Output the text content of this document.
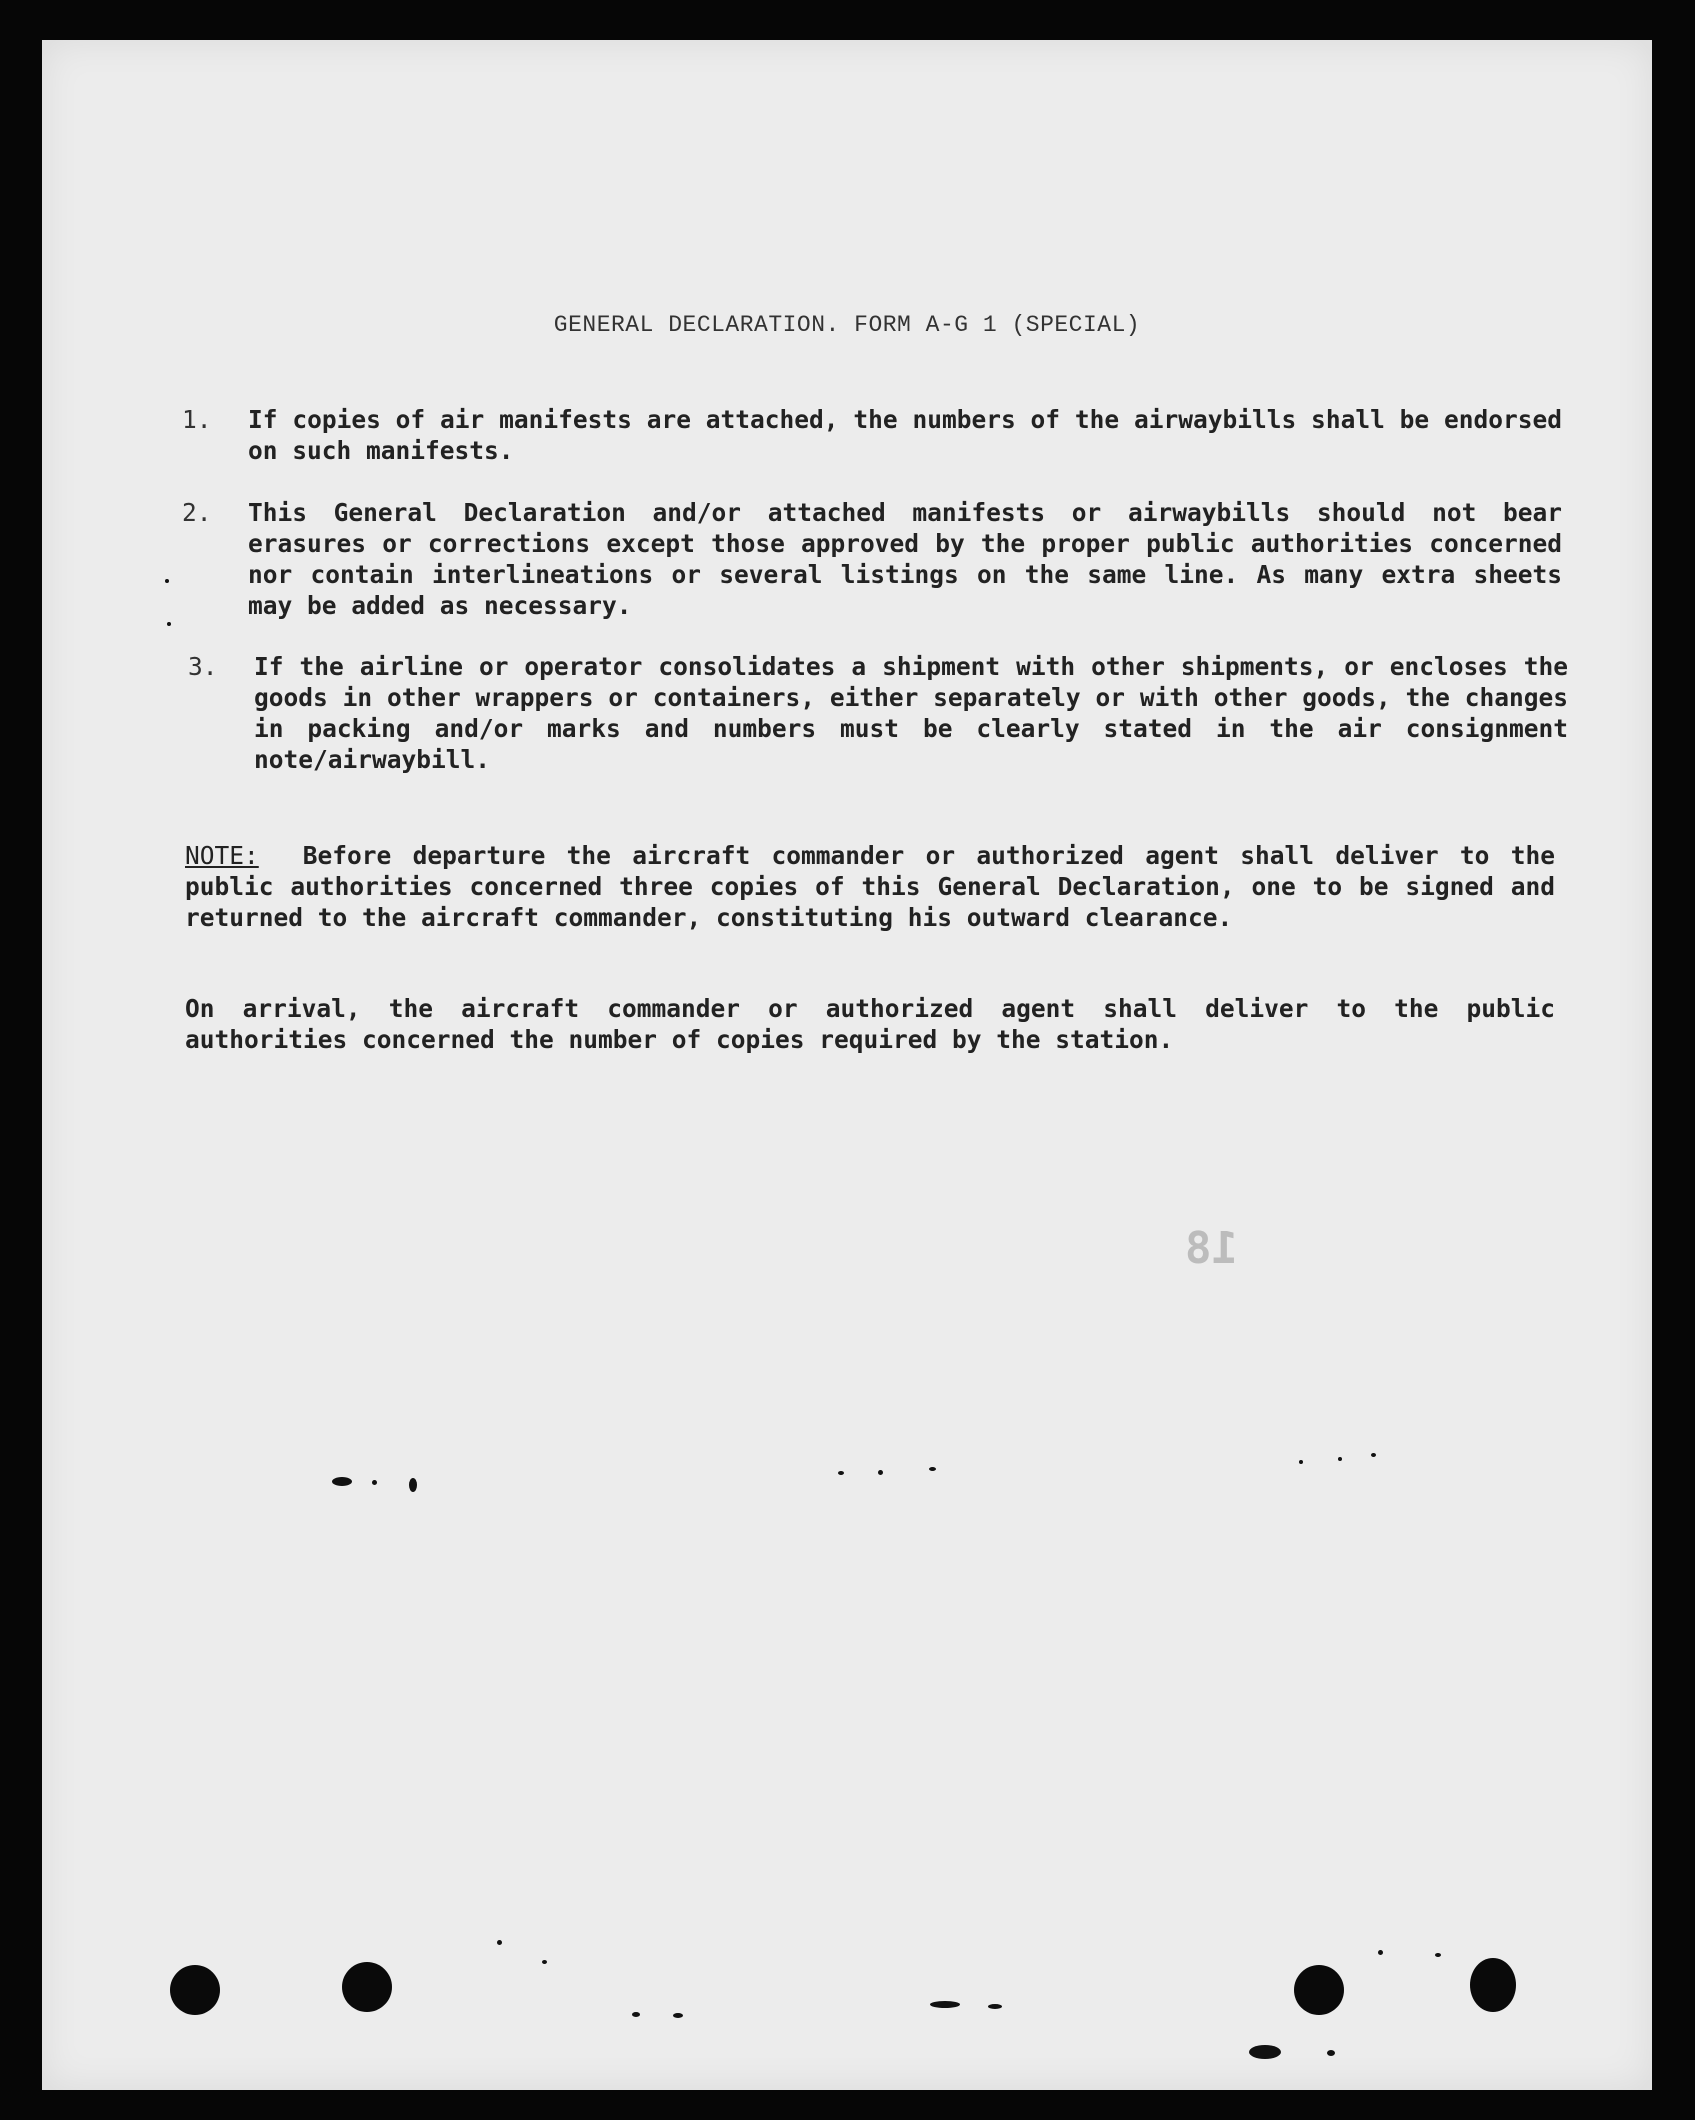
GENERAL DECLARATION. FORM A-G 1 (SPECIAL)
1.	If copies of air manifests are attached, the numbers of the airwaybills shall be endorsed on such manifests.
2.	This General Declaration and/or attached manifests or airwaybills should not bear erasures or corrections except those approved by the proper public authorities concerned nor contain interlineations or several listings on the same line. As many extra sheets may be added as necessary.
3.	If the airline or operator consolidates a shipment with other shipments, or encloses the goods in other wrappers or containers, either separately or with other goods, the changes in packing and/or marks and numbers must be clearly stated in the air consignment note/airwaybill.
NOTE: Before departure the aircraft commander or authorized agent shall deliver to the public authorities concerned three copies of this General Declaration, one to be signed and returned to the aircraft commander, constituting his outward clearance.
On arrival, the aircraft commander or authorized agent shall deliver to the public authorities concerned the number of copies required by the station.
18
